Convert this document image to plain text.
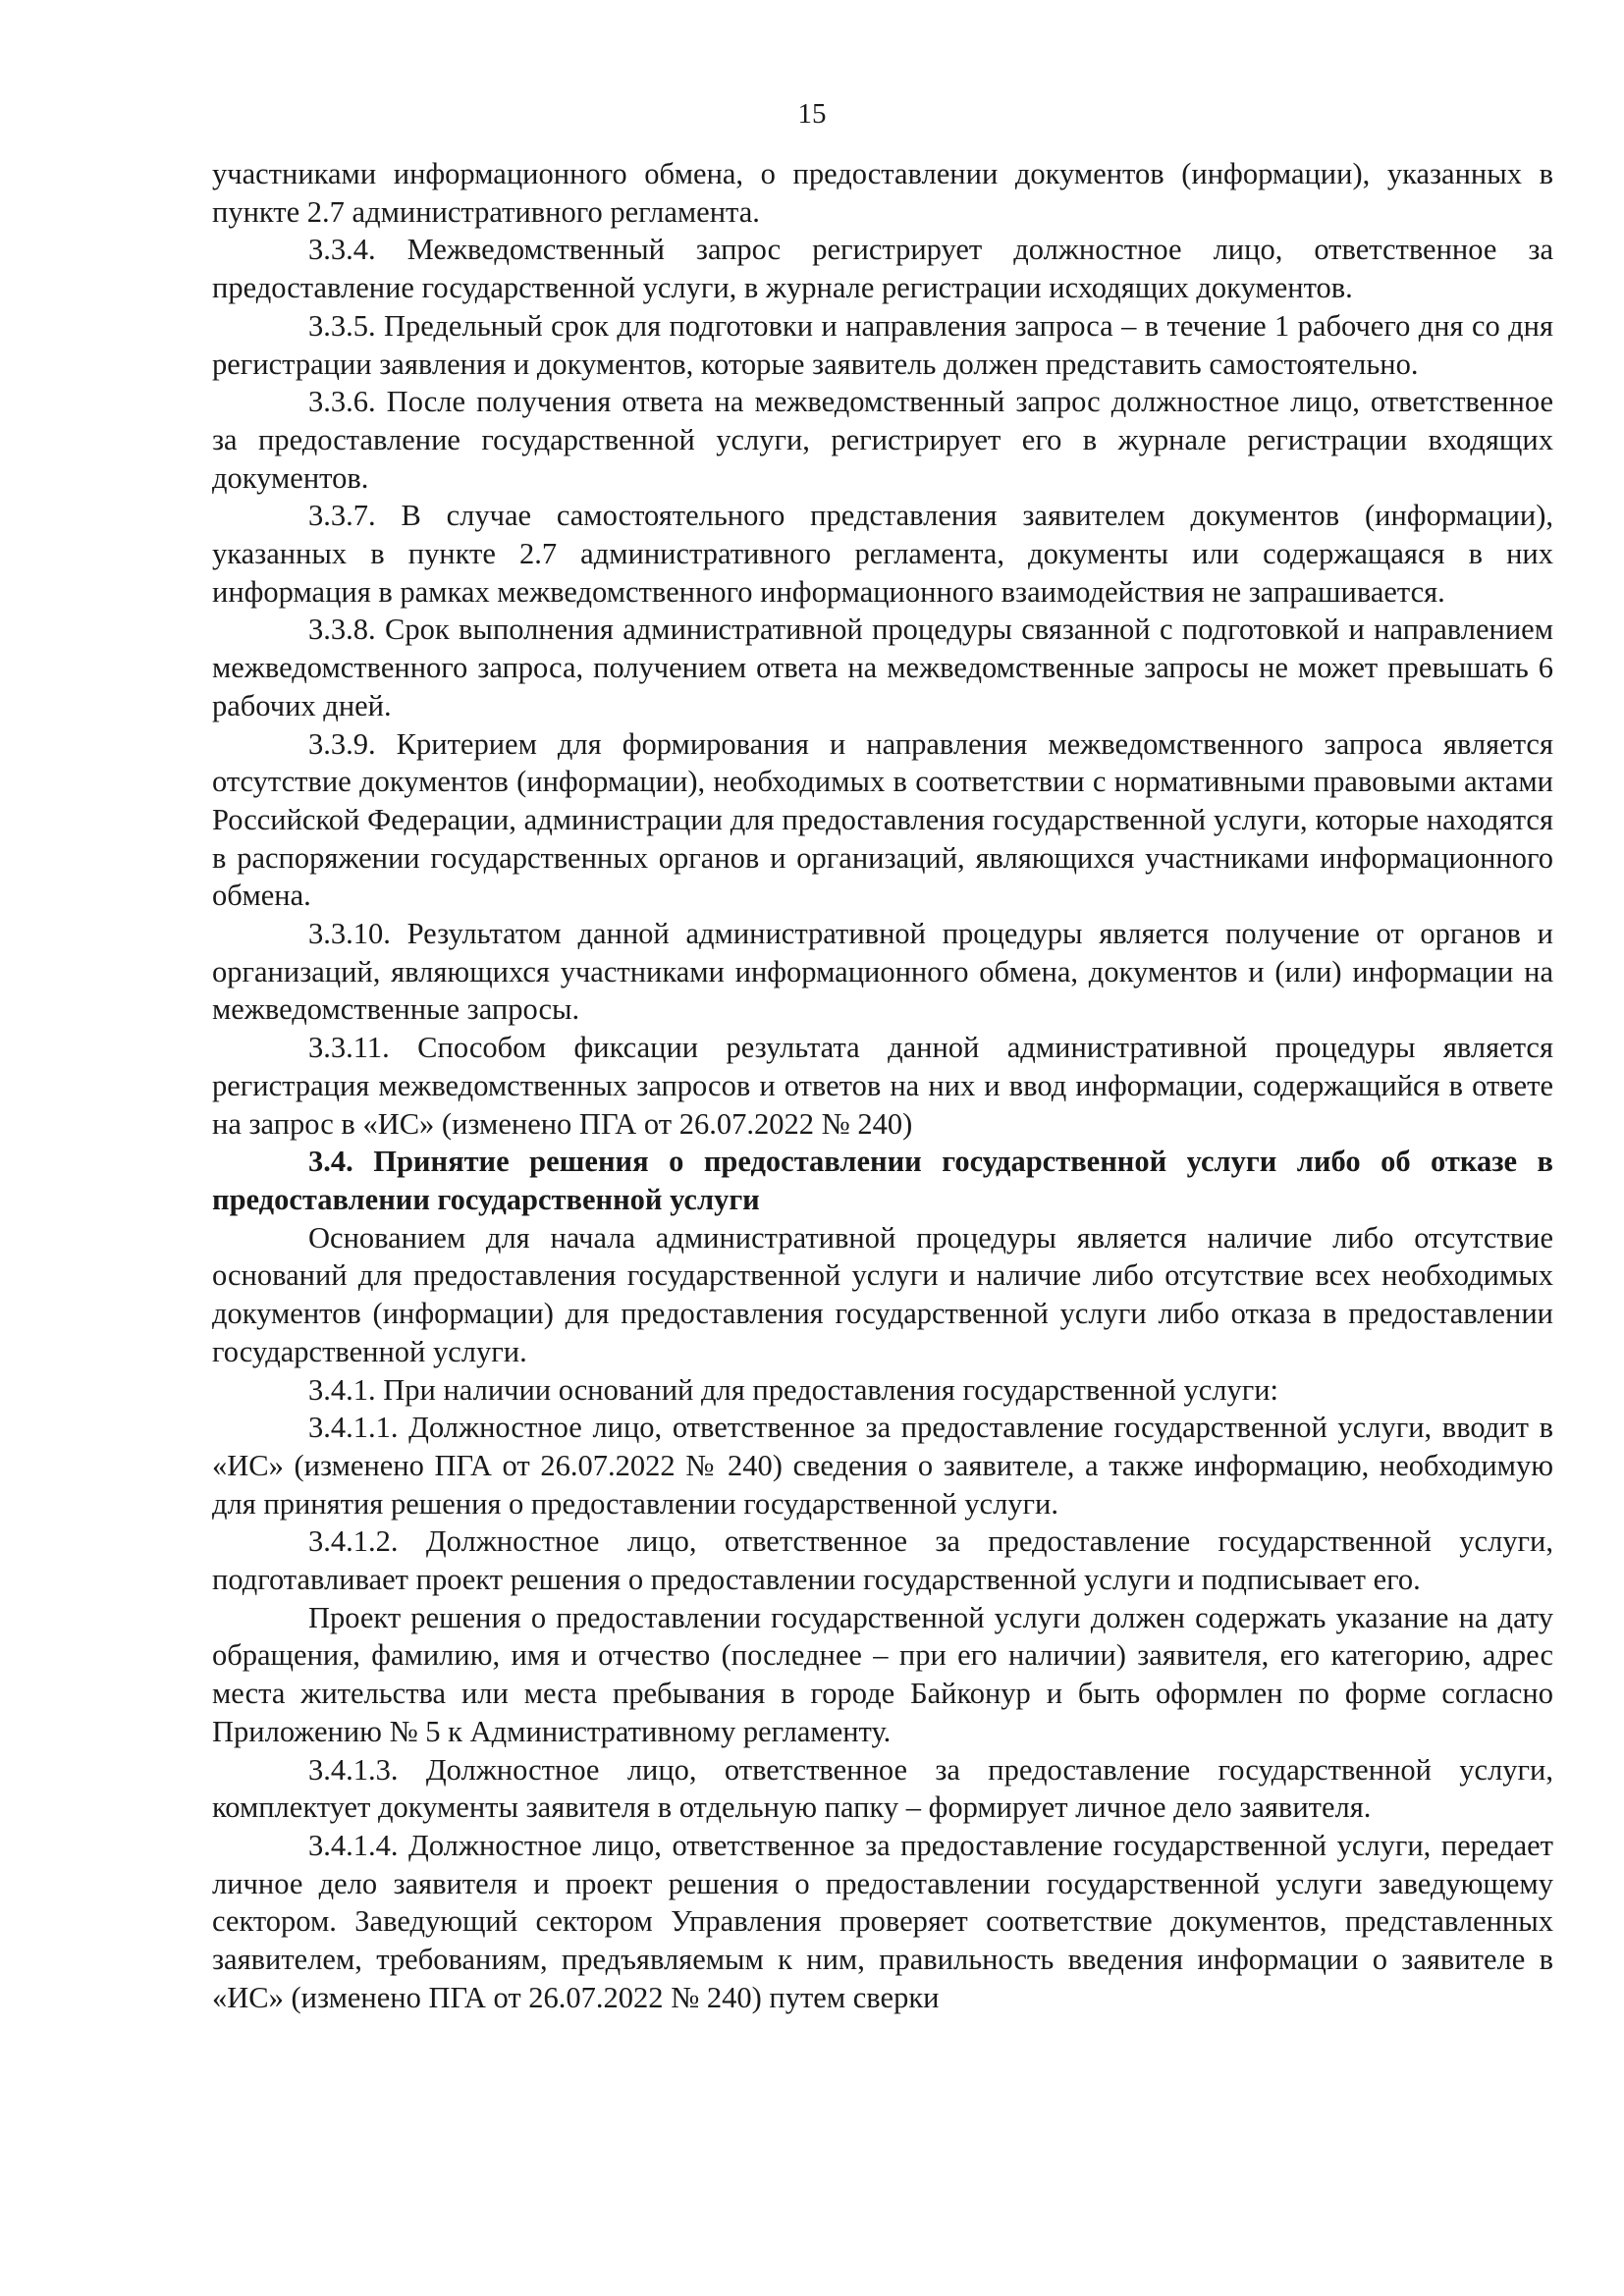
15

участниками информационного обмена, о предоставлении документов (информации), указанных в пункте 2.7 административного регламента.

3.3.4. Межведомственный запрос регистрирует должностное лицо, ответственное за предоставление государственной услуги, в журнале регистрации исходящих документов.

3.3.5. Предельный срок для подготовки и направления запроса – в течение 1 рабочего дня со дня регистрации заявления и документов, которые заявитель должен представить самостоятельно.

3.3.6. После получения ответа на межведомственный запрос должностное лицо, ответственное за предоставление государственной услуги, регистрирует его в журнале регистрации входящих документов.

3.3.7. В случае самостоятельного представления заявителем документов (информации), указанных в пункте 2.7 административного регламента, документы или содержащаяся в них информация в рамках межведомственного информационного взаимодействия не запрашивается.

3.3.8. Срок выполнения административной процедуры связанной с подготовкой и направлением межведомственного запроса, получением ответа на межведомственные запросы не может превышать 6 рабочих дней.

3.3.9. Критерием для формирования и направления межведомственного запроса является отсутствие документов (информации), необходимых в соответствии с нормативными правовыми актами Российской Федерации, администрации для предоставления государственной услуги, которые находятся в распоряжении государственных органов и организаций, являющихся участниками информационного обмена.

3.3.10. Результатом данной административной процедуры является получение от органов и организаций, являющихся участниками информационного обмена, документов и (или) информации на межведомственные запросы.

3.3.11. Способом фиксации результата данной административной процедуры является регистрация межведомственных запросов и ответов на них и ввод информации, содержащийся в ответе на запрос в «ИС» (изменено ПГА от 26.07.2022 № 240)

3.4. Принятие решения о предоставлении государственной услуги либо об отказе в предоставлении государственной услуги

Основанием для начала административной процедуры является наличие либо отсутствие оснований для предоставления государственной услуги и наличие либо отсутствие всех необходимых документов (информации) для предоставления государственной услуги либо отказа в предоставлении государственной услуги.

3.4.1. При наличии оснований для предоставления государственной услуги:

3.4.1.1. Должностное лицо, ответственное за предоставление государственной услуги, вводит в «ИС» (изменено ПГА от 26.07.2022 № 240) сведения о заявителе, а также информацию, необходимую для принятия решения о предоставлении государственной услуги.

3.4.1.2. Должностное лицо, ответственное за предоставление государственной услуги, подготавливает проект решения о предоставлении государственной услуги и подписывает его.

Проект решения о предоставлении государственной услуги должен содержать указание на дату обращения, фамилию, имя и отчество (последнее – при его наличии) заявителя, его категорию, адрес места жительства или места пребывания в городе Байконур и быть оформлен по форме согласно Приложению № 5 к Административному регламенту.

3.4.1.3. Должностное лицо, ответственное за предоставление государственной услуги, комплектует документы заявителя в отдельную папку – формирует личное дело заявителя.

3.4.1.4. Должностное лицо, ответственное за предоставление государственной услуги, передает личное дело заявителя и проект решения о предоставлении государственной услуги заведующему сектором. Заведующий сектором Управления проверяет соответствие документов, представленных заявителем, требованиям, предъявляемым к ним, правильность введения информации о заявителе в «ИС» (изменено ПГА от 26.07.2022 № 240) путем сверки
